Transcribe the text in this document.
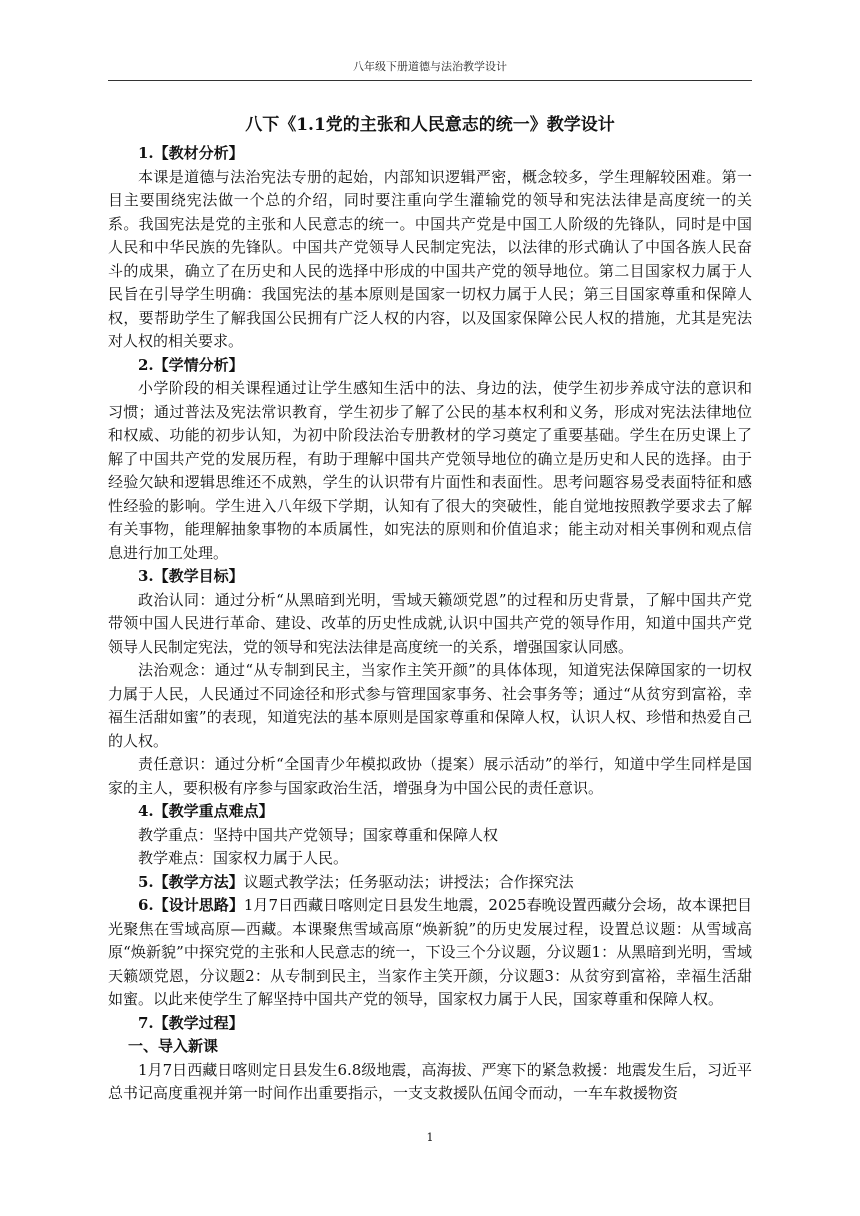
八年级下册道德与法治教学设计
八下《1.1党的主张和人民意志的统一》教学设计
1.【教材分析】

本课是道德与法治宪法专册的起始，内部知识逻辑严密，概念较多，学生理解较困难。第一目主要围绕宪法做一个总的介绍，同时要注重向学生灌输党的领导和宪法法律是高度统一的关系。我国宪法是党的主张和人民意志的统一。中国共产党是中国工人阶级的先锋队，同时是中国人民和中华民族的先锋队。中国共产党领导人民制定宪法，以法律的形式确认了中国各族人民奋斗的成果，确立了在历史和人民的选择中形成的中国共产党的领导地位。第二目国家权力属于人民旨在引导学生明确：我国宪法的基本原则是国家一切权力属于人民；第三目国家尊重和保障人权，要帮助学生了解我国公民拥有广泛人权的内容，以及国家保障公民人权的措施，尤其是宪法对人权的相关要求。

2.【学情分析】

小学阶段的相关课程通过让学生感知生活中的法、身边的法，使学生初步养成守法的意识和习惯；通过普法及宪法常识教育，学生初步了解了公民的基本权利和义务，形成对宪法法律地位和权威、功能的初步认知，为初中阶段法治专册教材的学习奠定了重要基础。学生在历史课上了解了中国共产党的发展历程，有助于理解中国共产党领导地位的确立是历史和人民的选择。由于经验欠缺和逻辑思维还不成熟，学生的认识带有片面性和表面性。思考问题容易受表面特征和感性经验的影响。学生进入八年级下学期，认知有了很大的突破性，能自觉地按照教学要求去了解有关事物，能理解抽象事物的本质属性，如宪法的原则和价值追求；能主动对相关事例和观点信息进行加工处理。

3.【教学目标】

政治认同：通过分析“从黑暗到光明，雪域天籁颂党恩”的过程和历史背景，了解中国共产党带领中国人民进行革命、建设、改革的历史性成就,认识中国共产党的领导作用，知道中国共产党领导人民制定宪法，党的领导和宪法法律是高度统一的关系，增强国家认同感。

法治观念：通过“从专制到民主，当家作主笑开颜”的具体体现，知道宪法保障国家的一切权力属于人民，人民通过不同途径和形式参与管理国家事务、社会事务等；通过“从贫穷到富裕，幸福生活甜如蜜”的表现，知道宪法的基本原则是国家尊重和保障人权，认识人权、珍惜和热爱自己的人权。

责任意识：通过分析“全国青少年模拟政协（提案）展示活动”的举行，知道中学生同样是国家的主人，要积极有序参与国家政治生活，增强身为中国公民的责任意识。

4.【教学重点难点】

教学重点：坚持中国共产党领导；国家尊重和保障人权

教学难点：国家权力属于人民。

5.【教学方法】议题式教学法；任务驱动法；讲授法；合作探究法

6.【设计思路】1月7日西藏日喀则定日县发生地震，2025春晚设置西藏分会场，故本课把目光聚焦在雪域高原—西藏。本课聚焦雪域高原“焕新貌”的历史发展过程，设置总议题：从雪域高原“焕新貌”中探究党的主张和人民意志的统一，下设三个分议题，分议题1：从黑暗到光明，雪域天籁颂党恩，分议题2：从专制到民主，当家作主笑开颜，分议题3：从贫穷到富裕，幸福生活甜如蜜。以此来使学生了解坚持中国共产党的领导，国家权力属于人民，国家尊重和保障人权。

7.【教学过程】
一、导入新课

1月7日西藏日喀则定日县发生6.8级地震，高海拔、严寒下的紧急救援：地震发生后，习近平总书记高度重视并第一时间作出重要指示，一支支救援队伍闻令而动，一车车救援物资

1
